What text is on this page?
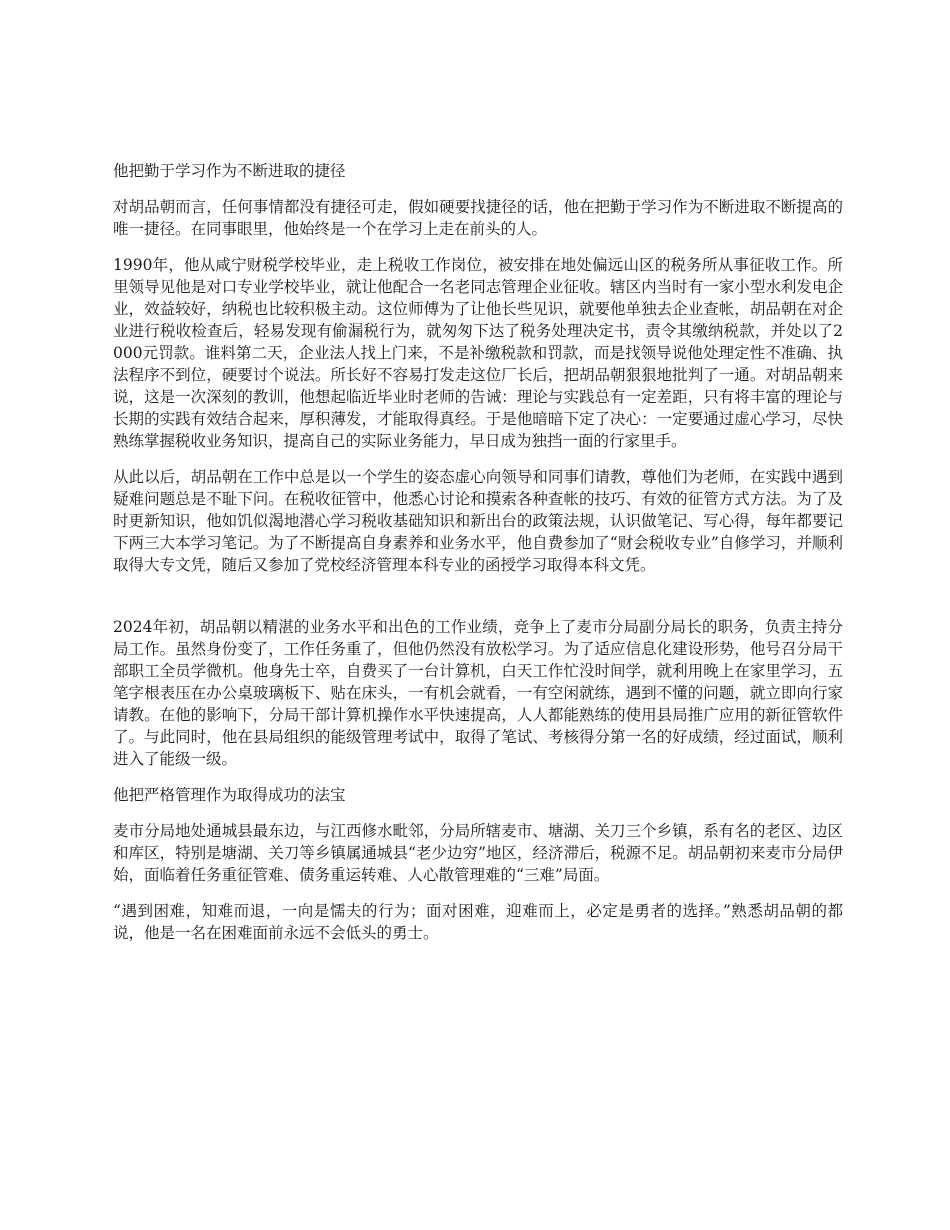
他把勤于学习作为不断进取的捷径

对胡品朝而言，任何事情都没有捷径可走，假如硬要找捷径的话，他在把勤于学习作为不断进取不断提高的唯一捷径。在同事眼里，他始终是一个在学习上走在前头的人。

1990年，他从咸宁财税学校毕业，走上税收工作岗位，被安排在地处偏远山区的税务所从事征收工作。所里领导见他是对口专业学校毕业，就让他配合一名老同志管理企业征收。辖区内当时有一家小型水利发电企业，效益较好，纳税也比较积极主动。这位师傅为了让他长些见识，就要他单独去企业查帐，胡品朝在对企业进行税收检查后，轻易发现有偷漏税行为，就匆匆下达了税务处理决定书，责令其缴纳税款，并处以了2000元罚款。谁料第二天，企业法人找上门来，不是补缴税款和罚款，而是找领导说他处理定性不准确、执法程序不到位，硬要讨个说法。所长好不容易打发走这位厂长后，把胡品朝狠狠地批判了一通。对胡品朝来说，这是一次深刻的教训，他想起临近毕业时老师的告诫：理论与实践总有一定差距，只有将丰富的理论与长期的实践有效结合起来，厚积薄发，才能取得真经。于是他暗暗下定了决心：一定要通过虚心学习，尽快熟练掌握税收业务知识，提高自己的实际业务能力，早日成为独挡一面的行家里手。

从此以后，胡品朝在工作中总是以一个学生的姿态虚心向领导和同事们请教，尊他们为老师，在实践中遇到疑难问题总是不耻下问。在税收征管中，他悉心讨论和摸索各种查帐的技巧、有效的征管方式方法。为了及时更新知识，他如饥似渴地潜心学习税收基础知识和新出台的政策法规，认识做笔记、写心得，每年都要记下两三大本学习笔记。为了不断提高自身素养和业务水平，他自费参加了“财会税收专业”自修学习，并顺利取得大专文凭，随后又参加了党校经济管理本科专业的函授学习取得本科文凭。

2024年初，胡品朝以精湛的业务水平和出色的工作业绩，竞争上了麦市分局副分局长的职务，负责主持分局工作。虽然身份变了，工作任务重了，但他仍然没有放松学习。为了适应信息化建设形势，他号召分局干部职工全员学微机。他身先士卒，自费买了一台计算机，白天工作忙没时间学，就利用晚上在家里学习，五笔字根表压在办公桌玻璃板下、贴在床头，一有机会就看，一有空闲就练，遇到不懂的问题，就立即向行家请教。在他的影响下，分局干部计算机操作水平快速提高，人人都能熟练的使用县局推广应用的新征管软件了。与此同时，他在县局组织的能级管理考试中，取得了笔试、考核得分第一名的好成绩，经过面试，顺利进入了能级一级。

他把严格管理作为取得成功的法宝

麦市分局地处通城县最东边，与江西修水毗邻，分局所辖麦市、塘湖、关刀三个乡镇，系有名的老区、边区和库区，特别是塘湖、关刀等乡镇属通城县“老少边穷”地区，经济滞后，税源不足。胡品朝初来麦市分局伊始，面临着任务重征管难、债务重运转难、人心散管理难的“三难”局面。

“遇到困难，知难而退，一向是懦夫的行为；面对困难，迎难而上，必定是勇者的选择。”熟悉胡品朝的都说，他是一名在困难面前永远不会低头的勇士。
